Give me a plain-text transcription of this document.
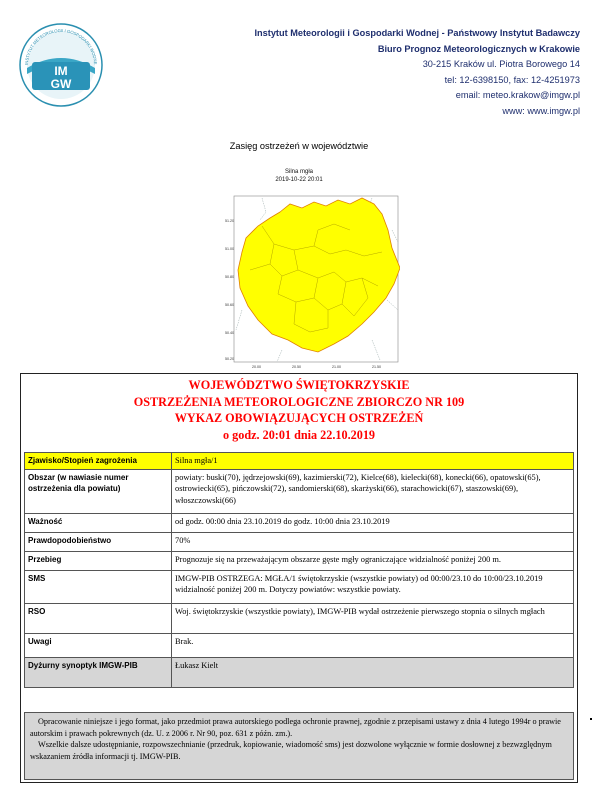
IM
GW
INSTYTUT METEOROLOGII I GOSPODARKI WODNE
Instytut Meteorologii i Gospodarki Wodnej - Państwowy Instytut Badawczy
Biuro Prognoz Meteorologicznych w Krakowie
30-215 Kraków ul. Piotra Borowego 14
tel: 12-6398150, fax: 12-4251973
email: meteo.krakow@imgw.pl
www: www.imgw.pl
Zasięg ostrzeżeń w województwie
Silna mgła
2019-10-22 20:01
51.20
51.00
50.80
50.60
50.40
50.20
20.00	20.50	21.00	21.50
WOJEWÓDZTWO ŚWIĘTOKRZYSKIE
OSTRZEŻENIA METEOROLOGICZNE ZBIORCZO NR 109
WYKAZ OBOWIĄZUJĄCYCH OSTRZEŻEŃ
o godz. 20:01 dnia 22.10.2019
Zjawisko/Stopień zagrożenia	Silna mgła/1
Obszar (w nawiasie numer ostrzeżenia dla powiatu)	powiaty: buski(70), jędrzejowski(69), kazimierski(72), Kielce(68), kielecki(68), konecki(66), opatowski(65), ostrowiecki(65), pińczowski(72), sandomierski(68), skarżyski(66), starachowicki(67), staszowski(69), włoszczowski(66)
Ważność	od godz. 00:00 dnia 23.10.2019 do godz. 10:00 dnia 23.10.2019
Prawdopodobieństwo	70%
Przebieg	Prognozuje się na przeważającym obszarze gęste mgły ograniczające widzialność poniżej 200 m.
SMS	IMGW-PIB OSTRZEGA: MGŁA/1 świętokrzyskie (wszystkie powiaty) od 00:00/23.10 do 10:00/23.10.2019 widzialność poniżej 200 m. Dotyczy powiatów: wszystkie powiaty.
RSO	Woj. świętokrzyskie (wszystkie powiaty), IMGW-PIB wydał ostrzeżenie pierwszego stopnia o silnych mgłach
Uwagi	Brak.
Dyżurny synoptyk IMGW-PIB	Łukasz Kielt

Opracowanie niniejsze i jego format, jako przedmiot prawa autorskiego podlega ochronie prawnej, zgodnie z przepisami ustawy z dnia 4 lutego 1994r o prawie autorskim i prawach pokrewnych (dz. U. z 2006 r. Nr 90, poz. 631 z późn. zm.).

Wszelkie dalsze udostępnianie, rozpowszechnianie (przedruk, kopiowanie, wiadomość sms) jest dozwolone wyłącznie w formie dosłownej z bezwzględnym wskazaniem źródła informacji tj. IMGW-PIB.
